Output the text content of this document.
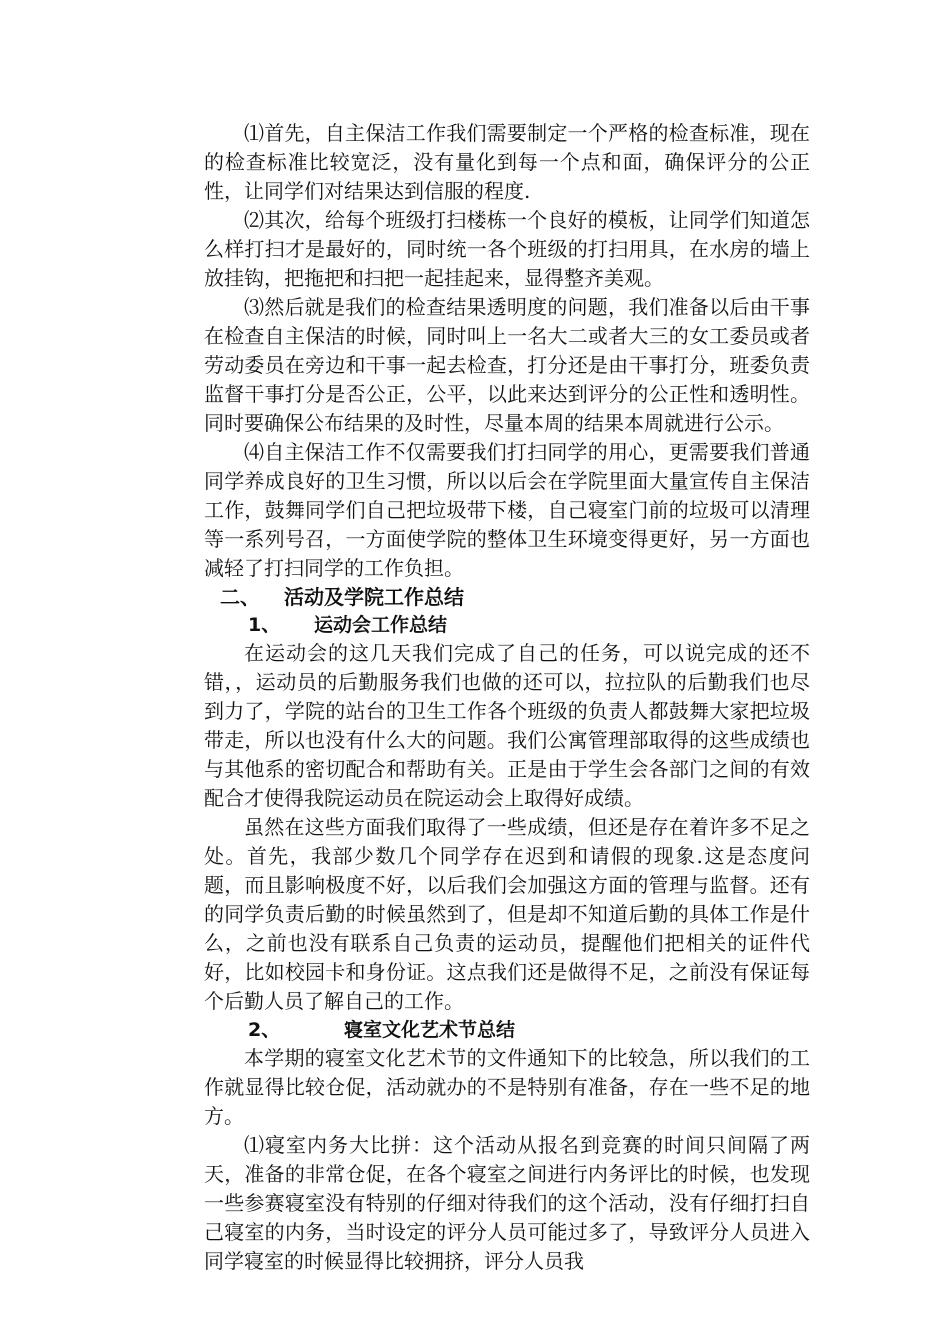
⑴首先，自主保洁工作我们需要制定一个严格的检查标准，现在的检查标准比较宽泛，没有量化到每一个点和面，确保评分的公正性，让同学们对结果达到信服的程度.

⑵其次，给每个班级打扫楼栋一个良好的模板，让同学们知道怎么样打扫才是最好的，同时统一各个班级的打扫用具，在水房的墙上放挂钩，把拖把和扫把一起挂起来，显得整齐美观。

⑶然后就是我们的检查结果透明度的问题，我们准备以后由干事在检查自主保洁的时候，同时叫上一名大二或者大三的女工委员或者劳动委员在旁边和干事一起去检查，打分还是由干事打分，班委负责监督干事打分是否公正，公平，以此来达到评分的公正性和透明性。同时要确保公布结果的及时性，尽量本周的结果本周就进行公示。

⑷自主保洁工作不仅需要我们打扫同学的用心，更需要我们普通同学养成良好的卫生习惯，所以以后会在学院里面大量宣传自主保洁工作，鼓舞同学们自己把垃圾带下楼，自己寝室门前的垃圾可以清理等一系列号召，一方面使学院的整体卫生环境变得更好，另一方面也减轻了打扫同学的工作负担。

二、 活动及学院工作总结
1、 运动会工作总结

在运动会的这几天我们完成了自己的任务，可以说完成的还不错，，运动员的后勤服务我们也做的还可以，拉拉队的后勤我们也尽到力了，学院的站台的卫生工作各个班级的负责人都鼓舞大家把垃圾带走，所以也没有什么大的问题。我们公寓管理部取得的这些成绩也与其他系的密切配合和帮助有关。正是由于学生会各部门之间的有效配合才使得我院运动员在院运动会上取得好成绩。

虽然在这些方面我们取得了一些成绩，但还是存在着许多不足之处。首先，我部少数几个同学存在迟到和请假的现象.这是态度问题，而且影响极度不好，以后我们会加强这方面的管理与监督。还有的同学负责后勤的时候虽然到了，但是却不知道后勤的具体工作是什么，之前也没有联系自己负责的运动员，提醒他们把相关的证件代好，比如校园卡和身份证。这点我们还是做得不足，之前没有保证每个后勤人员了解自己的工作。

2、	寝室文化艺术节总结

本学期的寝室文化艺术节的文件通知下的比较急，所以我们的工作就显得比较仓促，活动就办的不是特别有准备，存在一些不足的地方。

⑴寝室内务大比拼：这个活动从报名到竞赛的时间只间隔了两天，准备的非常仓促，在各个寝室之间进行内务评比的时候，也发现一些参赛寝室没有特别的仔细对待我们的这个活动，没有仔细打扫自己寝室的内务，当时设定的评分人员可能过多了，导致评分人员进入同学寝室的时候显得比较拥挤，评分人员我
